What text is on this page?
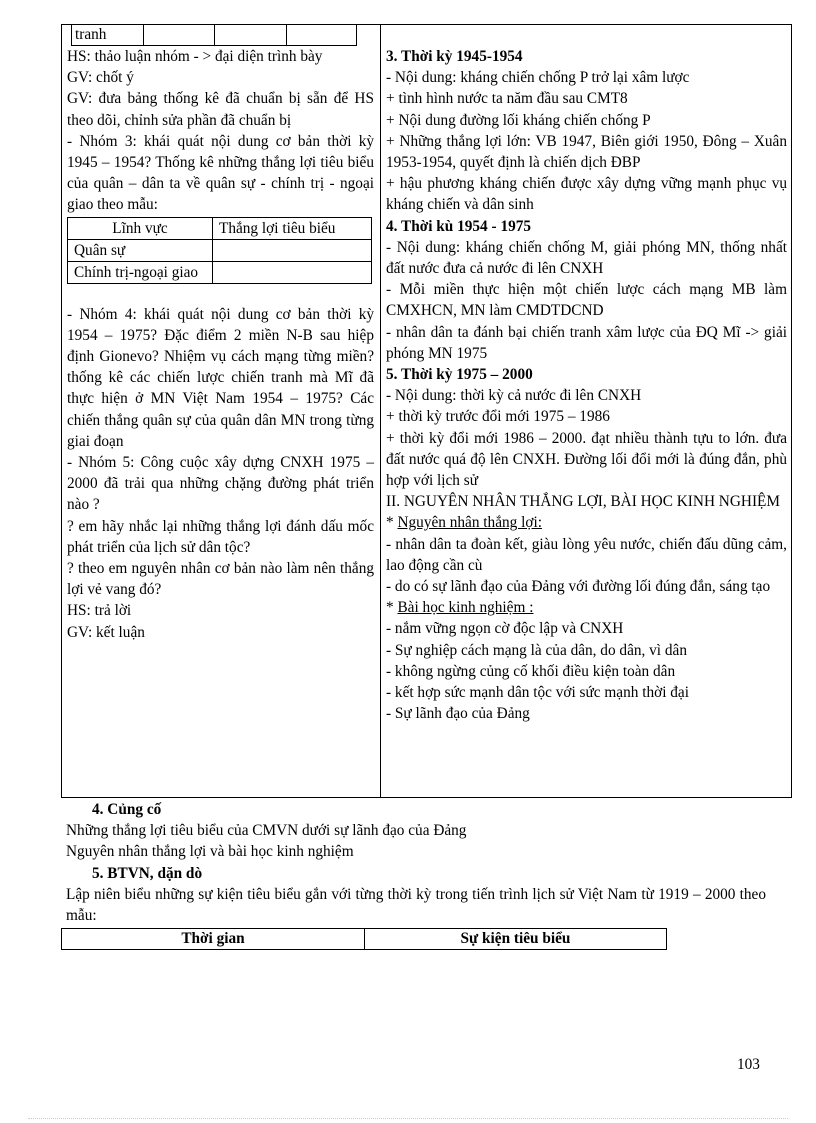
tranh

HS: thảo luận nhóm - > đại diện trình bày

GV: chốt ý

GV: đưa bảng thống kê đã chuẩn bị sẵn để HS theo dõi, chỉnh sửa phần đã chuẩn bị

- Nhóm 3: khái quát nội dung cơ bản thời kỳ 1945 – 1954? Thống kê những thắng lợi tiêu biểu của quân – dân ta về quân sự - chính trị - ngoại giao theo mẫu:

Lĩnh vực	Thắng lợi tiêu biểu
Quân sự	
Chính trị-ngoại giao	

- Nhóm 4: khái quát nội dung cơ bản thời kỳ 1954 – 1975? Đặc điểm 2 miền N-B sau hiệp định Gionevo? Nhiệm vụ cách mạng từng miền? thống kê các chiến lược chiến tranh mà Mĩ đã thực hiện ở MN Việt Nam 1954 – 1975? Các chiến thắng quân sự của quân dân MN trong từng giai đoạn

- Nhóm 5: Công cuộc xây dựng CNXH 1975 – 2000 đã trải qua những chặng đường phát triển nào ?

? em hãy nhắc lại những thắng lợi đánh dấu mốc phát triển của lịch sử dân tộc?

? theo em nguyên nhân cơ bản nào làm nên thắng lợi vẻ vang đó?

HS: trả lời

GV: kết luận

3. Thời kỳ 1945-1954

- Nội dung: kháng chiến chống P trở lại xâm lược

+ tình hình nước ta năm đầu sau CMT8

+ Nội dung đường lối kháng chiến chống P

+ Những thắng lợi lớn: VB 1947, Biên giới 1950, Đông – Xuân 1953-1954, quyết định là chiến dịch ĐBP

+ hậu phương kháng chiến được xây dựng vững mạnh phục vụ kháng chiến và dân sinh

4. Thời kù 1954 - 1975

- Nội dung: kháng chiến chống M, giải phóng MN, thống nhất đất nước đưa cả nước đi lên CNXH

- Mỗi miền thực hiện một chiến lược cách mạng MB làm CMXHCN, MN làm CMDTDCND

- nhân dân ta đánh bại chiến tranh xâm lược của ĐQ Mĩ -> giải phóng MN 1975

5. Thời kỳ 1975 – 2000

- Nội dung: thời kỳ cả nước đi lên CNXH

+ thời kỳ trước đổi mới 1975 – 1986

+ thời kỳ đổi mới 1986 – 2000. đạt nhiều thành tựu to lớn. đưa đất nước quá độ lên CNXH. Đường lối đổi mới là đúng đắn, phù hợp với lịch sử

II. NGUYÊN NHÂN THẮNG LỢI, BÀI HỌC KINH NGHIỆM

* Nguyên nhân thắng lợi:

- nhân dân ta đoàn kết, giàu lòng yêu nước, chiến đấu dũng cảm, lao động cần cù

- do có sự lãnh đạo của Đảng với đường lối đúng đắn, sáng tạo

* Bài học kinh nghiệm :

- nắm vững ngọn cờ độc lập và CNXH

- Sự nghiệp cách mạng là của dân, do dân, vì dân

- không ngừng củng cố khối điều kiện toàn dân

- kết hợp sức mạnh dân tộc với sức mạnh thời đại

- Sự lãnh đạo của Đảng

4. Củng cố

Những thắng lợi tiêu biểu của CMVN dưới sự lãnh đạo của Đảng

Nguyên nhân thắng lợi và bài học kinh nghiệm

5. BTVN, dặn dò

Lập niên biểu những sự kiện tiêu biểu gắn với từng thời kỳ trong tiến trình lịch sử Việt Nam từ 1919 – 2000 theo mẫu:

Thời gian	Sự kiện tiêu biểu
103
